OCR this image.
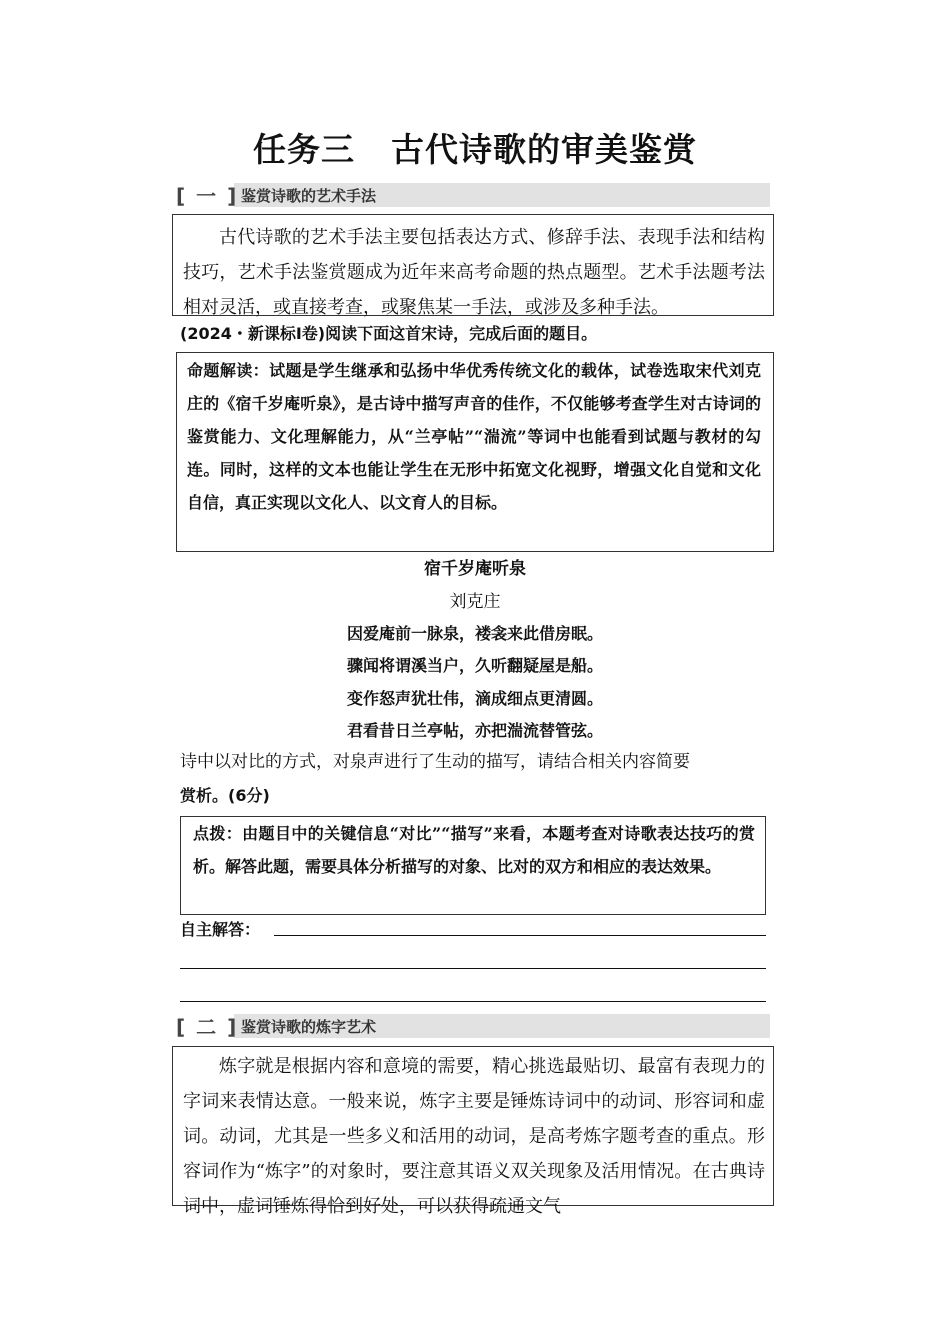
任务三 古代诗歌的审美鉴赏
[ 一 ] 鉴赏诗歌的艺术手法

古代诗歌的艺术手法主要包括表达方式、修辞手法、表现手法和结构技巧，艺术手法鉴赏题成为近年来高考命题的热点题型。艺术手法题考法相对灵活，或直接考查，或聚焦某一手法，或涉及多种手法。

(2024・新课标Ⅰ卷)阅读下面这首宋诗，完成后面的题目。

命题解读：试题是学生继承和弘扬中华优秀传统文化的载体，试卷选取宋代刘克庄的《宿千岁庵听泉》，是古诗中描写声音的佳作，不仅能够考查学生对古诗词的鉴赏能力、文化理解能力，从“兰亭帖”“湍流”等词中也能看到试题与教材的勾连。同时，这样的文本也能让学生在无形中拓宽文化视野，增强文化自觉和文化自信，真正实现以文化人、以文育人的目标。

宿千岁庵听泉
刘克庄
因爱庵前一脉泉，褛衾来此借房眠。
骤闻将谓溪当户，久听翻疑屋是船。
变作怒声犹壮伟，滴成细点更清圆。
君看昔日兰亭帖，亦把湍流替管弦。
诗中以对比的方式，对泉声进行了生动的描写，请结合相关内容简要
赏析。(6分)

点拨：由题目中的关键信息“对比”“描写”来看，本题考查对诗歌表达技巧的赏析。解答此题，需要具体分析描写的对象、比对的双方和相应的表达效果。

自主解答：
[ 二 ] 鉴赏诗歌的炼字艺术

炼字就是根据内容和意境的需要，精心挑选最贴切、最富有表现力的字词来表情达意。一般来说，炼字主要是锤炼诗词中的动词、形容词和虚词。动词，尤其是一些多义和活用的动词，是高考炼字题考查的重点。形容词作为“炼字”的对象时，要注意其语义双关现象及活用情况。在古典诗词中，虚词锤炼得恰到好处，可以获得疏通文气
